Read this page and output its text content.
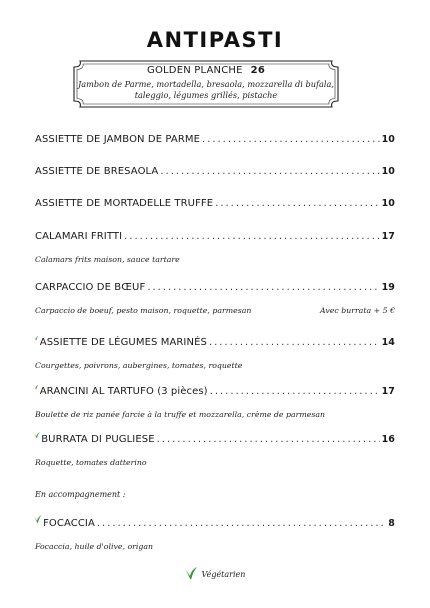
ANTIPASTI
GOLDEN PLANCHE 26
Jambon de Parme, mortadella, bresaola, mozzarella di bufala,
taleggio, légumes grillés, pistache
ASSIETTE DE JAMBON DE PARME . . .	10
ASSIETTE DE BRESAOLA . . .	10
ASSIETTE DE MORTADELLE TRUFFE . . .	10
CALAMARI FRITTI . . .	17
Calamars frits maison, sauce tartare
CARPACCIO DE BŒUF . . .	19
Carpaccio de boeuf, pesto maison, roquette, parmesan	Avec burrata + 5 €
ASSIETTE DE LÉGUMES MARINÉS . . .	14
Courgettes, poivrons, aubergines, tomates, roquette
ARANCINI AL TARTUFO (3 pièces) . . .	17
Boulette de riz panée farcie à la truffe et mozzarella, crème de parmesan
BURRATA DI PUGLIESE . . .	16
Roquette, tomates datterino
En accompagnement :
FOCACCIA . . .	8
Focaccia, huile d'olive, origan
Végétarien
